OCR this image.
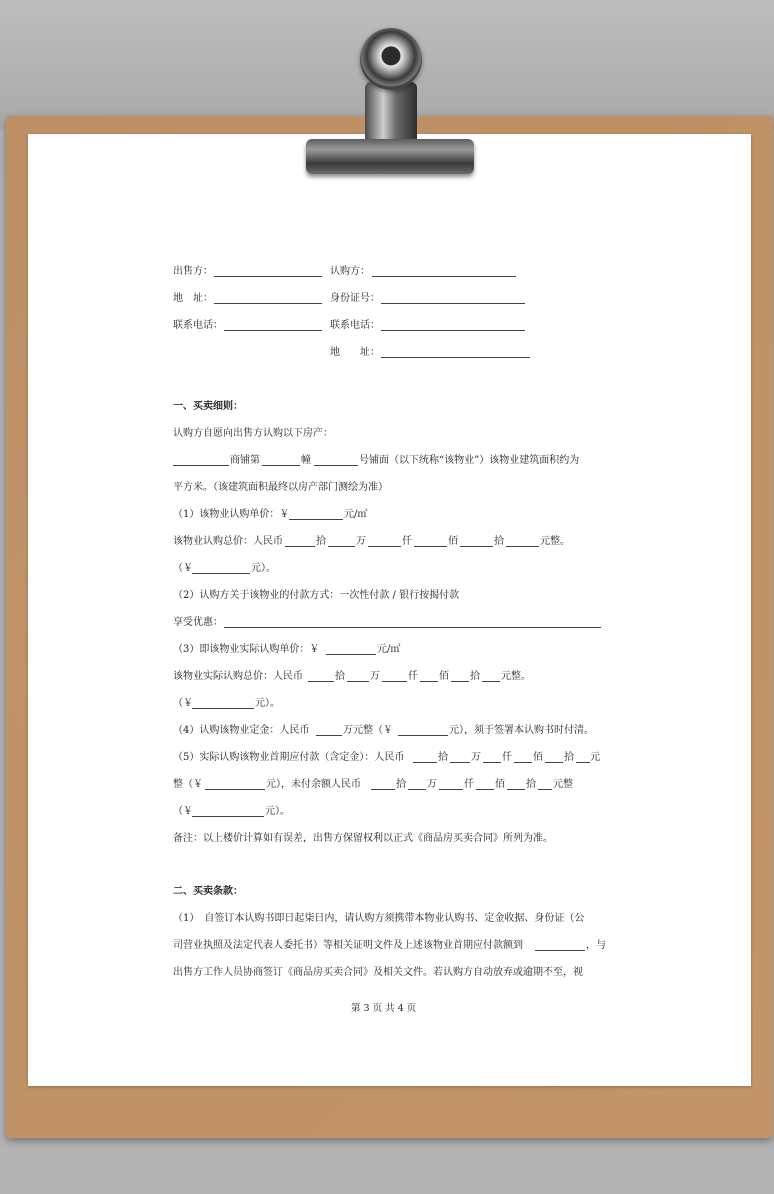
出售方：	认购方：
地　址：	身份证号：
联系电话：	联系电话：
地　　址：
一、买卖细则：
认购方自愿向出售方认购以下房产：
商铺第	幢	号铺面（以下统称“该物业”）该物业建筑面积约为
平方米。（该建筑面积最终以房产部门测绘为准）
（1）该物业认购单价：￥	元/㎡
该物业认购总价：人民币	拾	万	仟	佰	拾	元整。
（￥	元）。
（2）认购方关于该物业的付款方式：一次性付款 / 银行按揭付款
享受优惠：
（3）即该物业实际认购单价：￥	元/㎡
该物业实际认购总价：人民币	拾	万	仟 佰 拾 元整。
（￥	元）。
（4）认购该物业定金：人民币	万元整（￥	元），须于签署本认购书时付清。
（5）实际认购该物业首期应付款（含定金）：人民币	拾 万 仟 佰 拾 元
整（￥	元），未付余额人民币	拾 万	仟 佰 拾 元整
（￥	元）。
备注：以上楼价计算如有误差，出售方保留权利以正式《商品房买卖合同》所列为准。
二、买卖条款：
（1）　自签订本认购书即日起柒日内，请认购方须携带本物业认购书、定金收据、身份证（公
司营业执照及法定代表人委托书）等相关证明文件及上述该物业首期应付款额到	，与
出售方工作人员协商签订《商品房买卖合同》及相关文件。若认购方自动放弃或逾期不至，视
第 3 页 共 4 页
